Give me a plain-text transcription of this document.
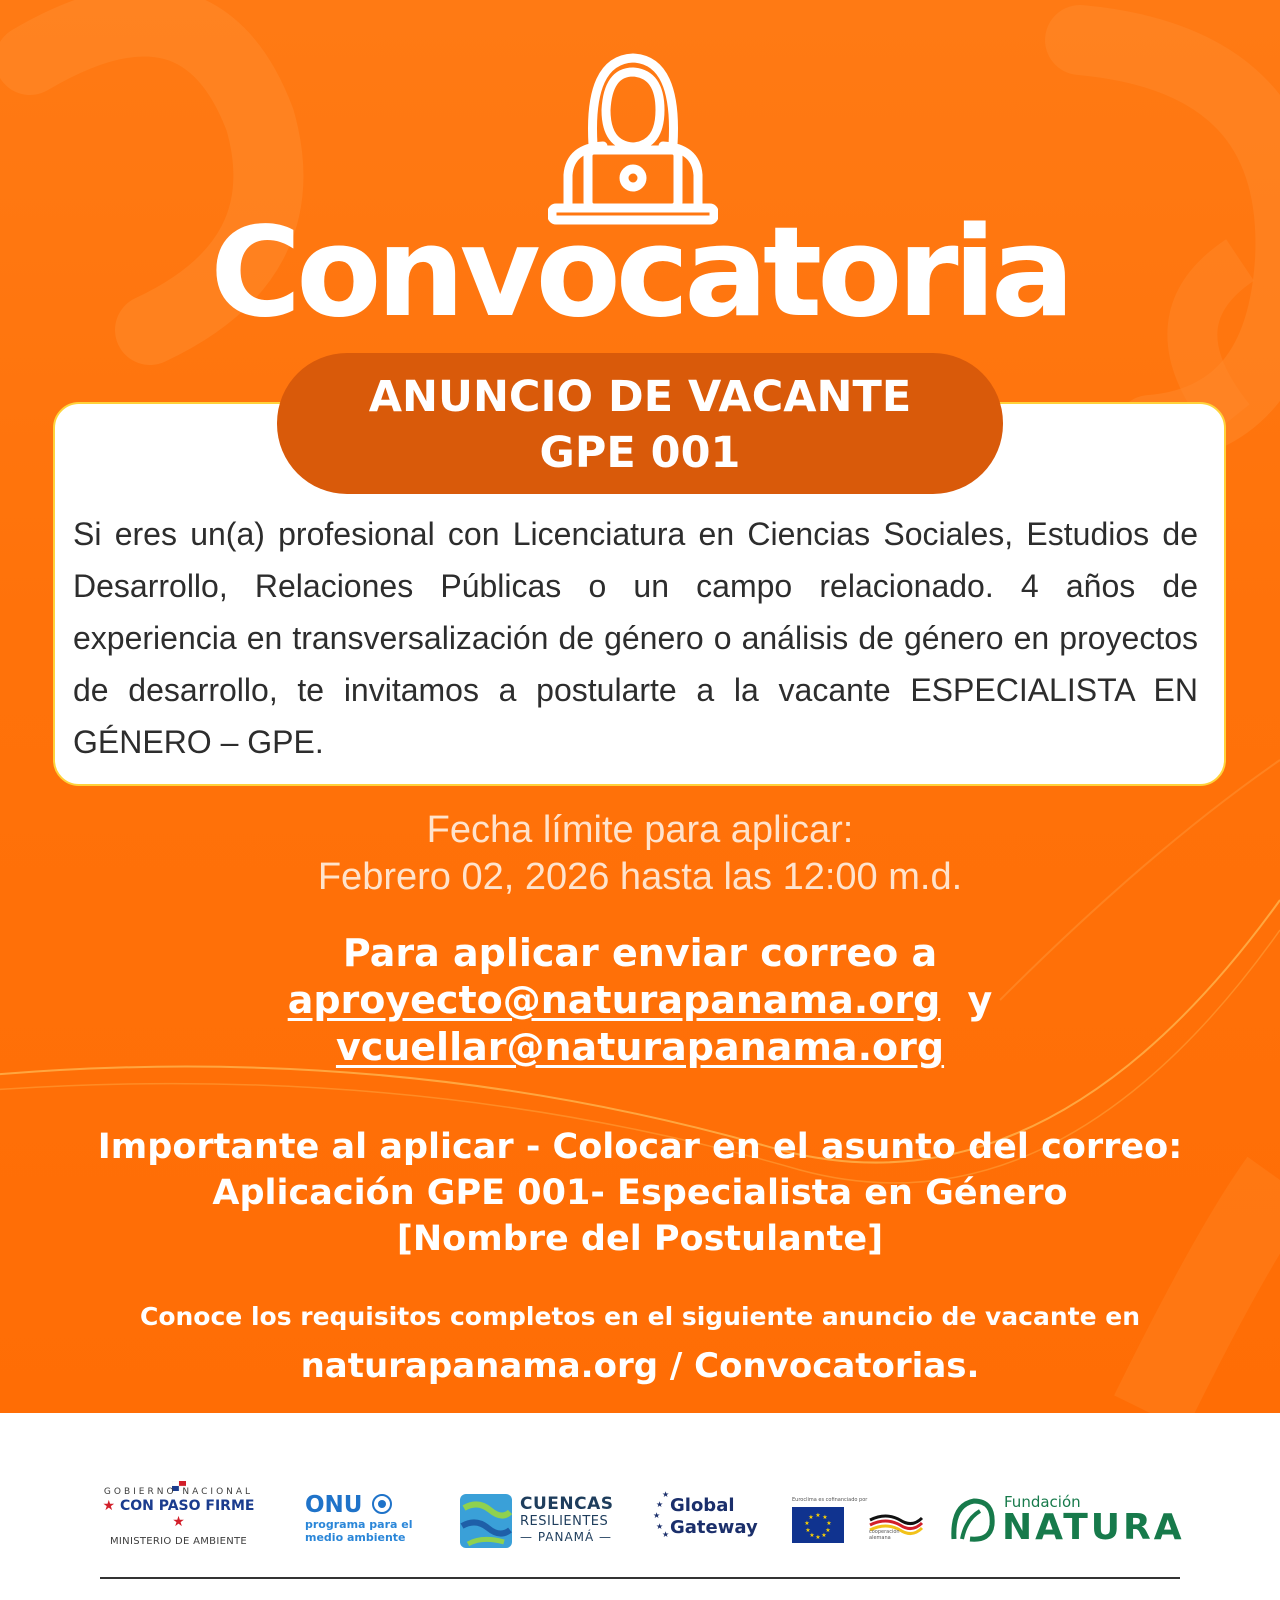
Convocatoria

Si eres un(a) profesional con Licenciatura en Ciencias Sociales, Estudios de Desarrollo, Relaciones Públicas o un campo relacionado. 4 años de experiencia en transversalización de género o análisis de género en proyectos de desarrollo, te invitamos a postularte a la vacante ESPECIALISTA EN GÉNERO – GPE.

ANUNCIO DE VACANTE
GPE 001
Fecha límite para aplicar:
Febrero 02, 2026 hasta las 12:00 m.d.
Para aplicar enviar correo a
aproyecto@naturapanama.org y
vcuellar@naturapanama.org
Importante al aplicar - Colocar en el asunto del correo:
Aplicación GPE 001- Especialista en Género
[Nombre del Postulante]
Conoce los requisitos completos en el siguiente anuncio de vacante en
naturapanama.org / Convocatorias.
GOBIERNO NACIONAL
★ CON PASO FIRME ★
MINISTERIO DE AMBIENTE
ONU
programa para el
medio ambiente
CUENCAS
RESILIENTES
— PANAMÁ —
★
★
★
★
★
Global
Gateway
Euroclima es cofinanciado por
★ ★
★
★
★
★
★
★
★
★
cooperación alemana
Fundación
NATURA
